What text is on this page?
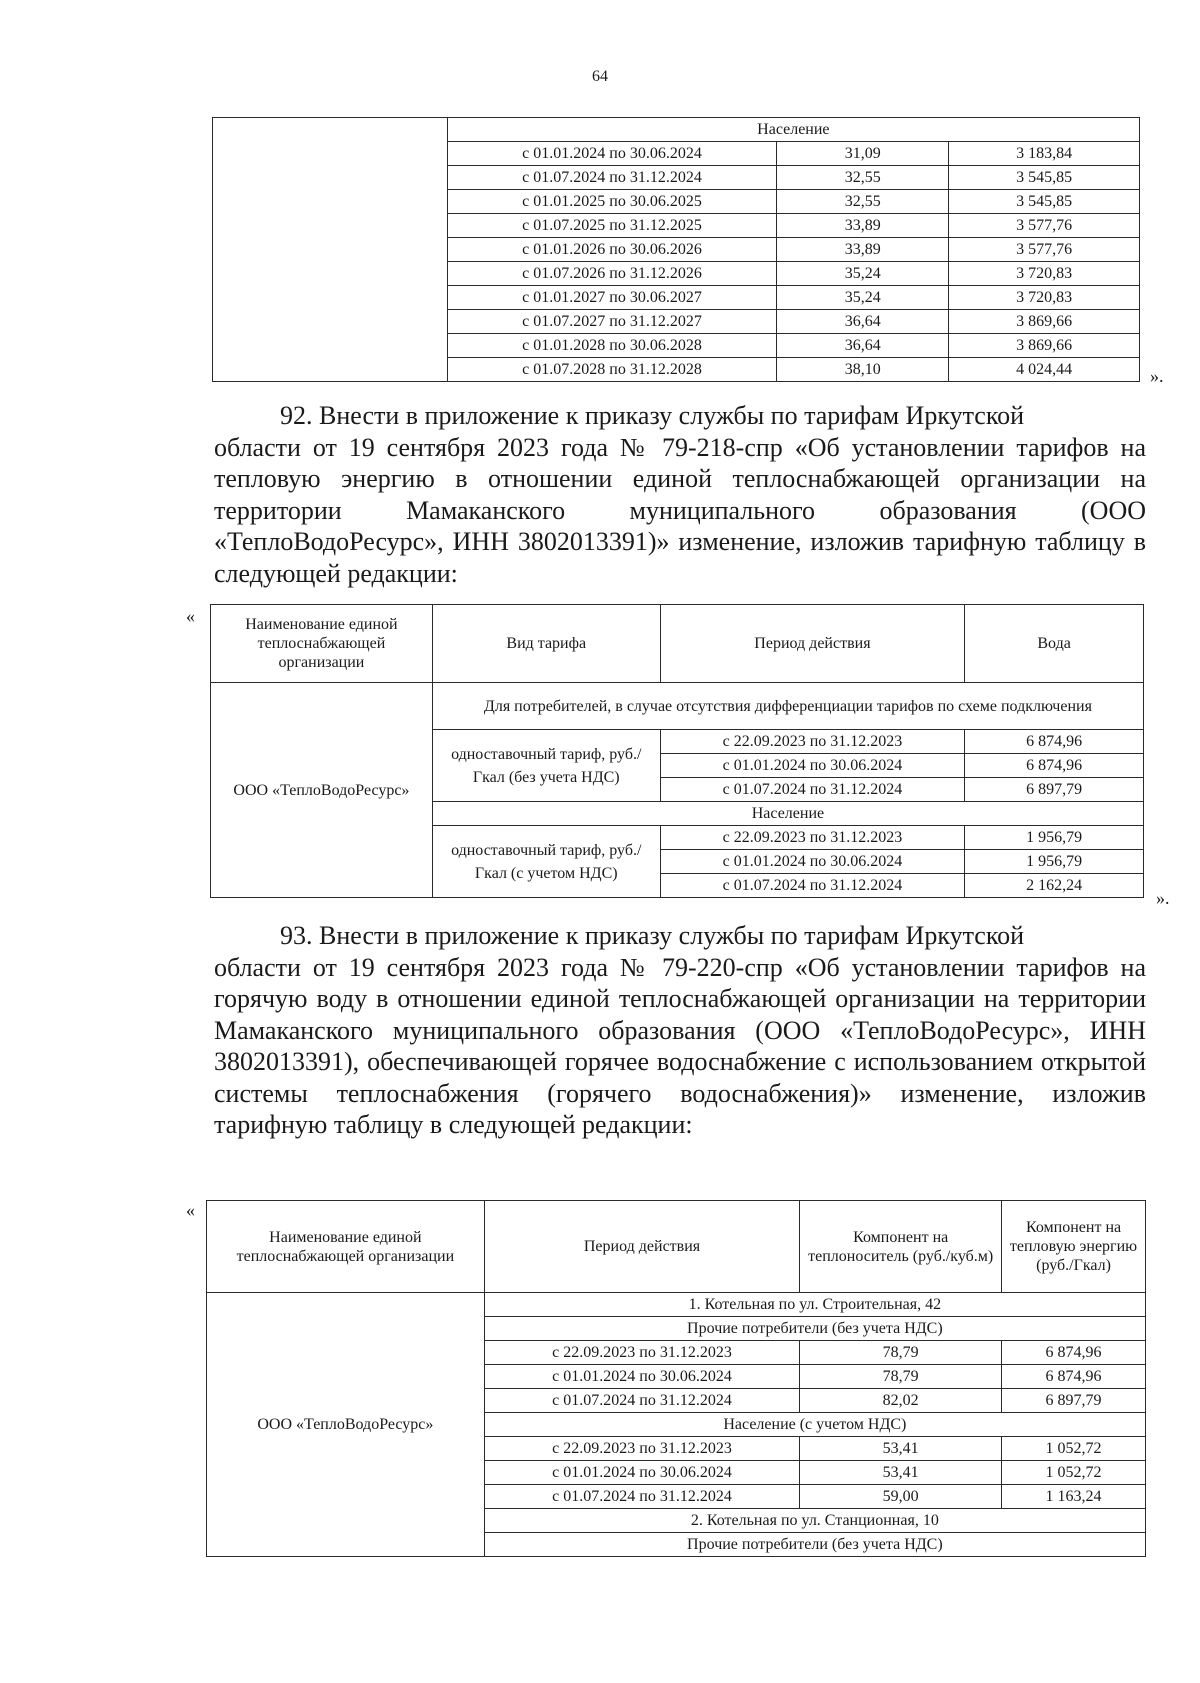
64
	Население		
	с 01.01.2024 по 30.06.2024	31,09	3 183,84
	с 01.07.2024 по 31.12.2024	32,55	3 545,85
	с 01.01.2025 по 30.06.2025	32,55	3 545,85
	с 01.07.2025 по 31.12.2025	33,89	3 577,76
	с 01.01.2026 по 30.06.2026	33,89	3 577,76
	с 01.07.2026 по 31.12.2026	35,24	3 720,83
	с 01.01.2027 по 30.06.2027	35,24	3 720,83
	с 01.07.2027 по 31.12.2027	36,64	3 869,66
	с 01.01.2028 по 30.06.2028	36,64	3 869,66
	с 01.07.2028 по 31.12.2028	38,10	4 024,44	».

92. Внести в приложение к приказу службы по тарифам Иркутской
области от 19 сентября 2023 года № 79-218-спр «Об установлении тарифов на тепловую энергию в отношении единой теплоснабжающей организации на территории Мамаканского муниципального образования (ООО «ТеплоВодоРесурс», ИНН 3802013391)» изменение, изложив тарифную таблицу в следующей редакции:

«	Наименование единой теплоснабжающей организации	Вид тарифа	Период действия	Вода
ООО «ТеплоВодоРесурс»	Для потребителей, в случае отсутствия дифференциации тарифов по схеме подключения		
	одноставочный тариф, руб./Гкал (без учета НДС)	с 22.09.2023 по 31.12.2023	6 874,96
		с 01.01.2024 по 30.06.2024	6 874,96
		с 01.07.2024 по 31.12.2024	6 897,79
	Население		
	одноставочный тариф, руб./Гкал (с учетом НДС)	с 22.09.2023 по 31.12.2023	1 956,79
		с 01.01.2024 по 30.06.2024	1 956,79
		с 01.07.2024 по 31.12.2024	2 162,24
».

93. Внести в приложение к приказу службы по тарифам Иркутской
области от 19 сентября 2023 года № 79-220-спр «Об установлении тарифов на горячую воду в отношении единой теплоснабжающей организации на территории Мамаканского муниципального образования (ООО «ТеплоВодоРесурс», ИНН 3802013391), обеспечивающей горячее водоснабжение с использованием открытой системы теплоснабжения (горячего водоснабжения)» изменение, изложив тарифную таблицу в следующей редакции:

«
Наименование единой теплоснабжающей организации	Период действия	Компонент на теплоноситель (руб./куб.м)	Компонент на тепловую энергию (руб./Гкал)
ООО «ТеплоВодоРесурс»	1. Котельная по ул. Строительная, 42		
	Прочие потребители (без учета НДС)		
	с 22.09.2023 по 31.12.2023	78,79	6 874,96
	с 01.01.2024 по 30.06.2024	78,79	6 874,96
	с 01.07.2024 по 31.12.2024	82,02	6 897,79
	Население (с учетом НДС)		
	с 22.09.2023 по 31.12.2023	53,41	1 052,72
	с 01.01.2024 по 30.06.2024	53,41	1 052,72
	с 01.07.2024 по 31.12.2024	59,00	1 163,24
	2. Котельная по ул. Станционная, 10		
	Прочие потребители (без учета НДС)		
